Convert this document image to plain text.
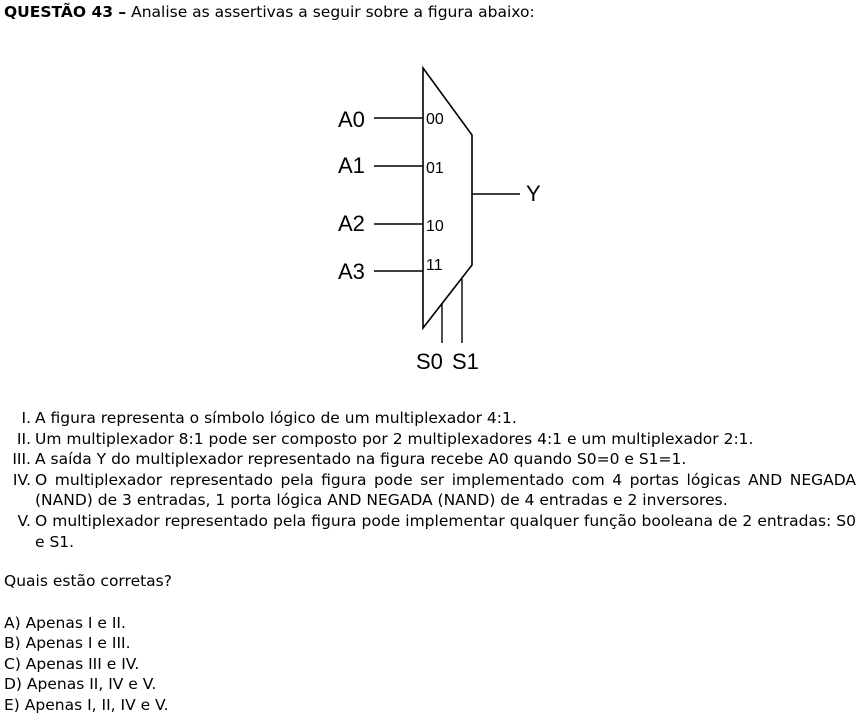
QUESTÃO 43 – Analise as assertivas a seguir sobre a figura abaixo:
A0
A1
A2
A3
00
01
10
11
Y
S0 S1
I. A figura representa o símbolo lógico de um multiplexador 4:1.
II. Um multiplexador 8:1 pode ser composto por 2 multiplexadores 4:1 e um multiplexador 2:1.
III. A saída Y do multiplexador representado na figura recebe A0 quando S0=0 e S1=1.
IV. O multiplexador representado pela figura pode ser implementado com 4 portas lógicas AND NEGADA (NAND) de 3 entradas, 1 porta lógica AND NEGADA (NAND) de 4 entradas e 2 inversores.
V. O multiplexador representado pela figura pode implementar qualquer função booleana de 2 entradas: S0 e S1.
Quais estão corretas?
A) Apenas I e II.
B) Apenas I e III.
C) Apenas III e IV.
D) Apenas II, IV e V.
E) Apenas I, II, IV e V.
